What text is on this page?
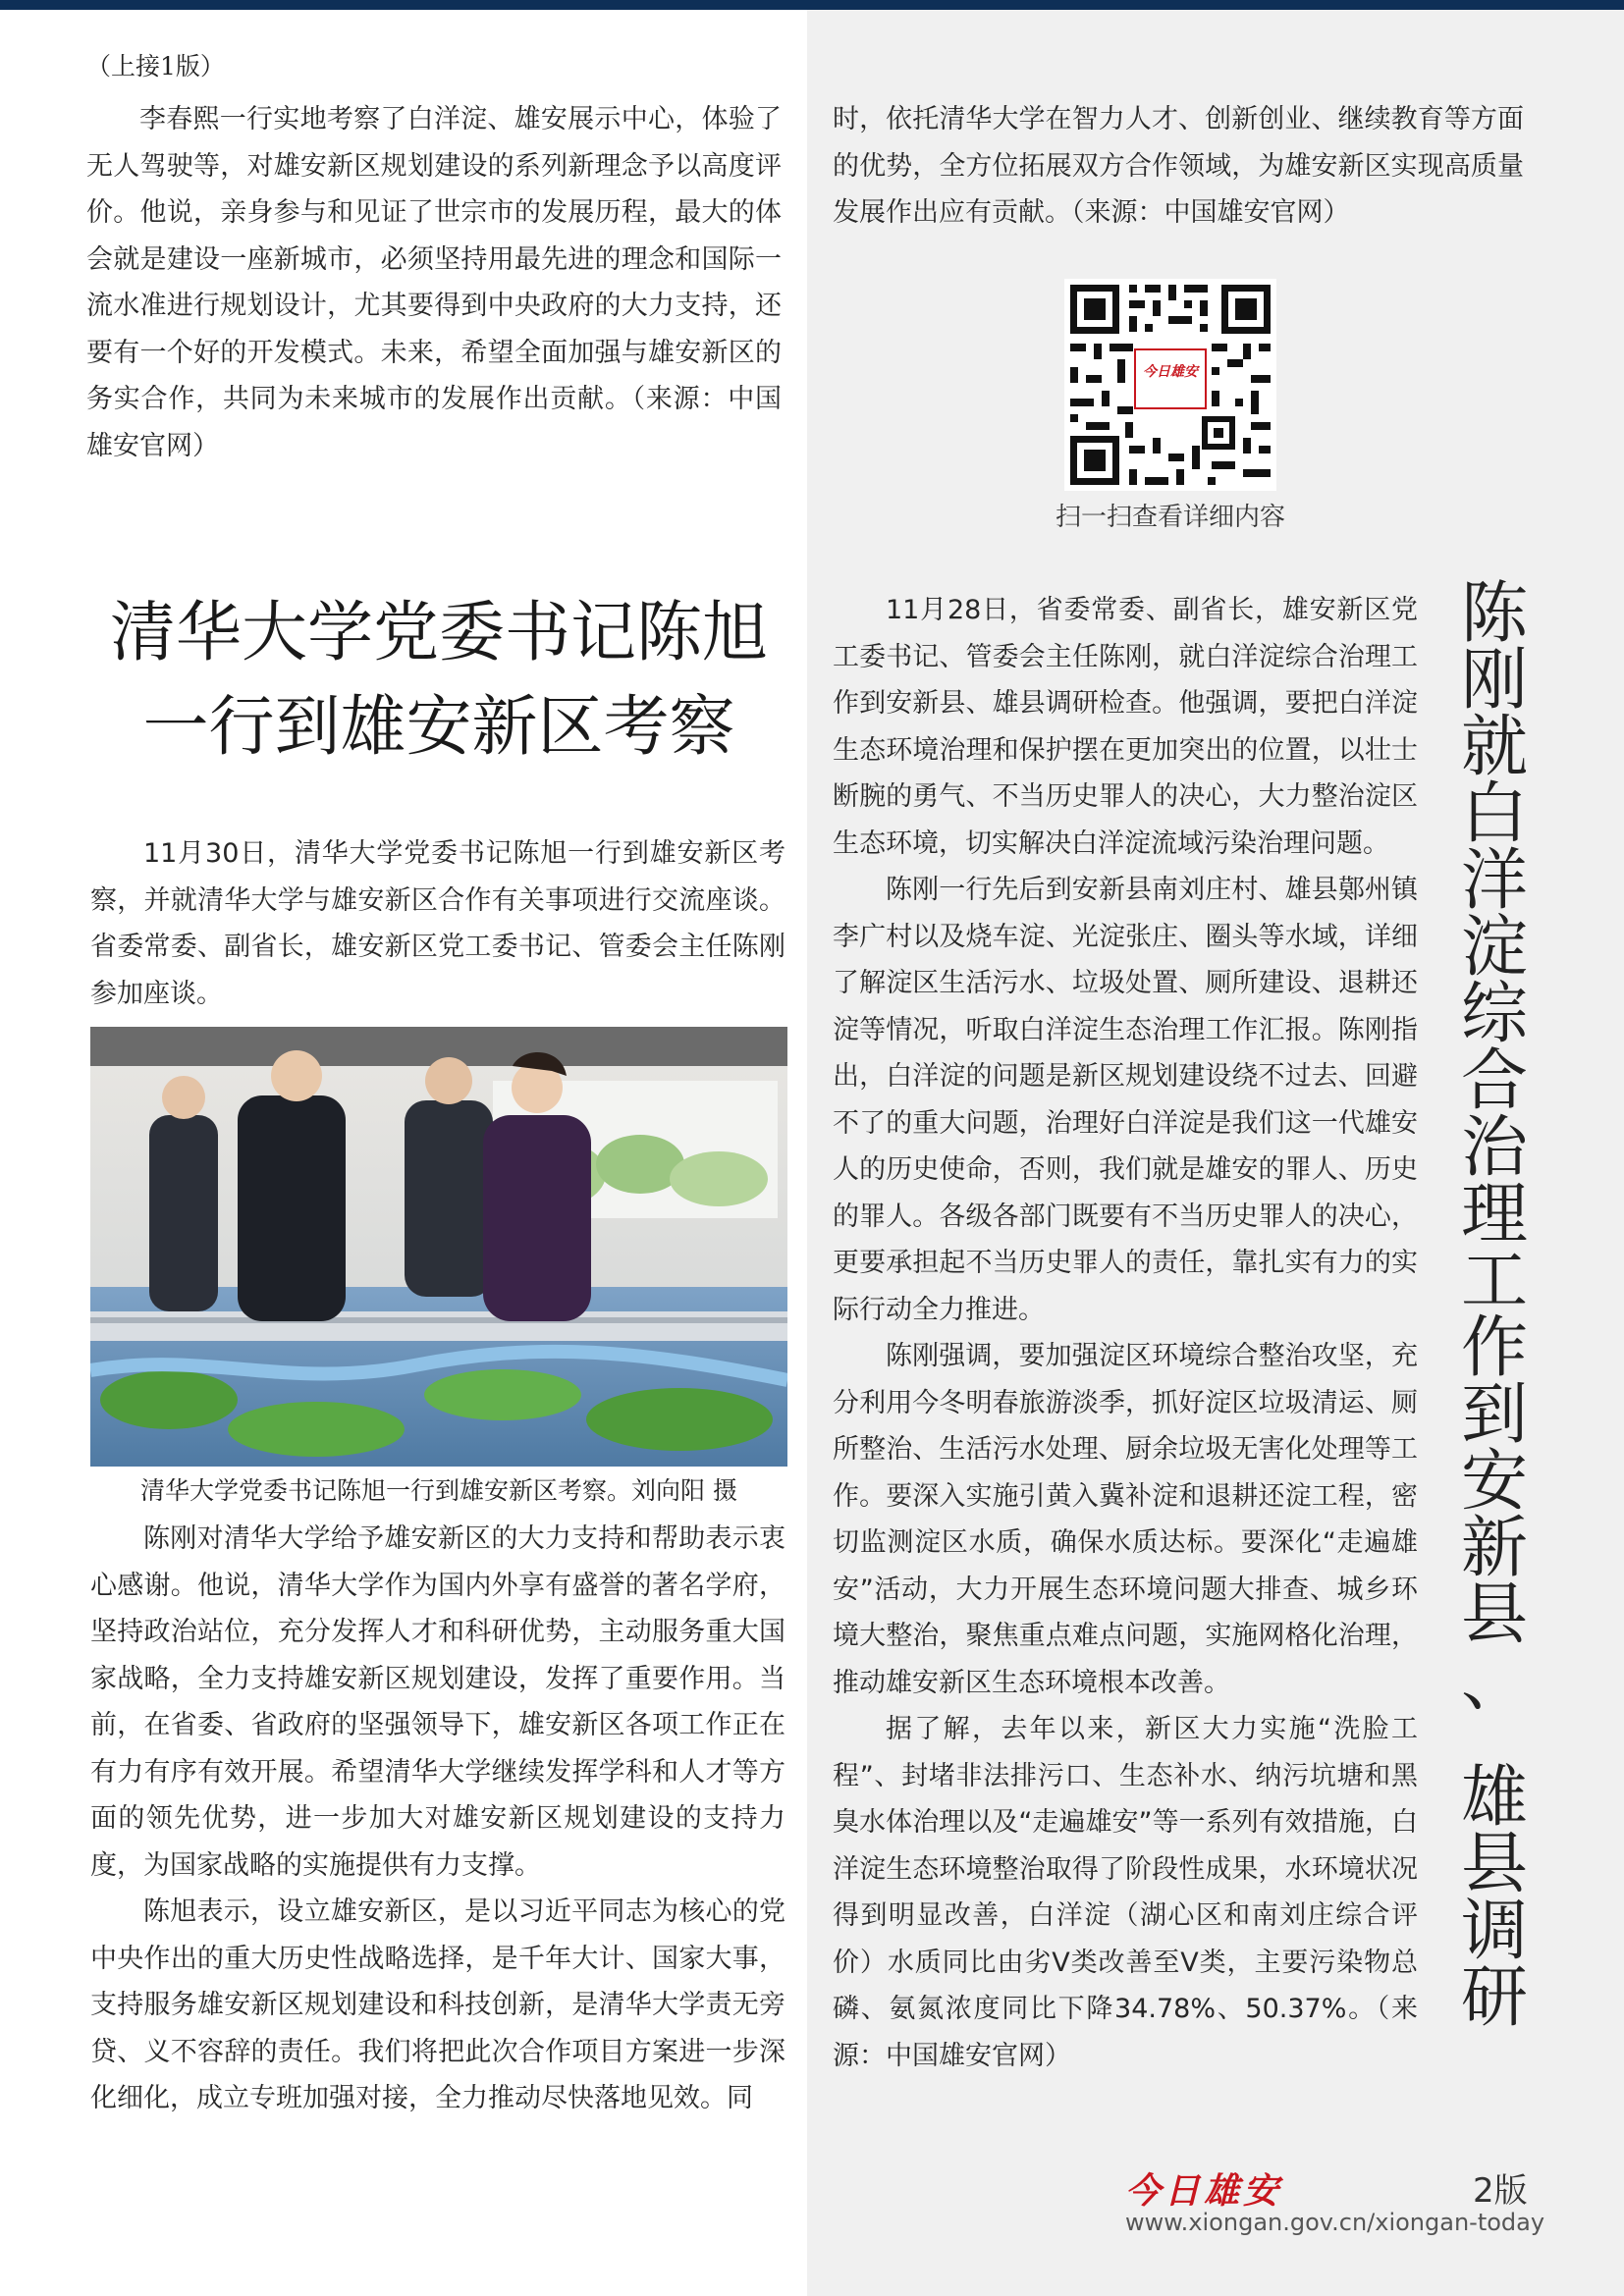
（上接1版）

李春熙一行实地考察了白洋淀、雄安展示中心，体验了无人驾驶等，对雄安新区规划建设的系列新理念予以高度评价。他说，亲身参与和见证了世宗市的发展历程，最大的体会就是建设一座新城市，必须坚持用最先进的理念和国际一流水准进行规划设计，尤其要得到中央政府的大力支持，还要有一个好的开发模式。未来，希望全面加强与雄安新区的务实合作，共同为未来城市的发展作出贡献。（来源：中国雄安官网）

清华大学党委书记陈旭一行到雄安新区考察

11月30日，清华大学党委书记陈旭一行到雄安新区考察，并就清华大学与雄安新区合作有关事项进行交流座谈。省委常委、副省长，雄安新区党工委书记、管委会主任陈刚参加座谈。

清华大学党委书记陈旭一行到雄安新区考察。刘向阳 摄

陈刚对清华大学给予雄安新区的大力支持和帮助表示衷心感谢。他说，清华大学作为国内外享有盛誉的著名学府，坚持政治站位，充分发挥人才和科研优势，主动服务重大国家战略，全力支持雄安新区规划建设，发挥了重要作用。当前，在省委、省政府的坚强领导下，雄安新区各项工作正在有力有序有效开展。希望清华大学继续发挥学科和人才等方面的领先优势，进一步加大对雄安新区规划建设的支持力度，为国家战略的实施提供有力支撑。

陈旭表示，设立雄安新区，是以习近平同志为核心的党中央作出的重大历史性战略选择，是千年大计、国家大事，支持服务雄安新区规划建设和科技创新，是清华大学责无旁贷、义不容辞的责任。我们将把此次合作项目方案进一步深化细化，成立专班加强对接，全力推动尽快落地见效。同

时，依托清华大学在智力人才、创新创业、继续教育等方面的优势，全方位拓展双方合作领域，为雄安新区实现高质量发展作出应有贡献。（来源：中国雄安官网）

今日雄安
扫一扫查看详细内容

11月28日，省委常委、副省长，雄安新区党工委书记、管委会主任陈刚，就白洋淀综合治理工作到安新县、雄县调研检查。他强调，要把白洋淀生态环境治理和保护摆在更加突出的位置，以壮士断腕的勇气、不当历史罪人的决心，大力整治淀区生态环境，切实解决白洋淀流域污染治理问题。

陈刚一行先后到安新县南刘庄村、雄县鄚州镇李广村以及烧车淀、光淀张庄、圈头等水域，详细了解淀区生活污水、垃圾处置、厕所建设、退耕还淀等情况，听取白洋淀生态治理工作汇报。陈刚指出，白洋淀的问题是新区规划建设绕不过去、回避不了的重大问题，治理好白洋淀是我们这一代雄安人的历史使命，否则，我们就是雄安的罪人、历史的罪人。各级各部门既要有不当历史罪人的决心，更要承担起不当历史罪人的责任，靠扎实有力的实际行动全力推进。

陈刚强调，要加强淀区环境综合整治攻坚，充分利用今冬明春旅游淡季，抓好淀区垃圾清运、厕所整治、生活污水处理、厨余垃圾无害化处理等工作。要深入实施引黄入冀补淀和退耕还淀工程，密切监测淀区水质，确保水质达标。要深化“走遍雄安”活动，大力开展生态环境问题大排查、城乡环境大整治，聚焦重点难点问题，实施网格化治理，推动雄安新区生态环境根本改善。

据了解，去年以来，新区大力实施“洗脸工程”、封堵非法排污口、生态补水、纳污坑塘和黑臭水体治理以及“走遍雄安”等一系列有效措施，白洋淀生态环境整治取得了阶段性成果，水环境状况得到明显改善，白洋淀（湖心区和南刘庄综合评价）水质同比由劣V类改善至V类，主要污染物总磷、氨氮浓度同比下降34.78%、50.37%。（来源：中国雄安官网）

陈
刚
就
白
洋
淀
综
合
治
理
工
作
到
安
新
县
、
雄
县
调
研
今日雄安	2版
www.xiongan.gov.cn/xiongan-today
